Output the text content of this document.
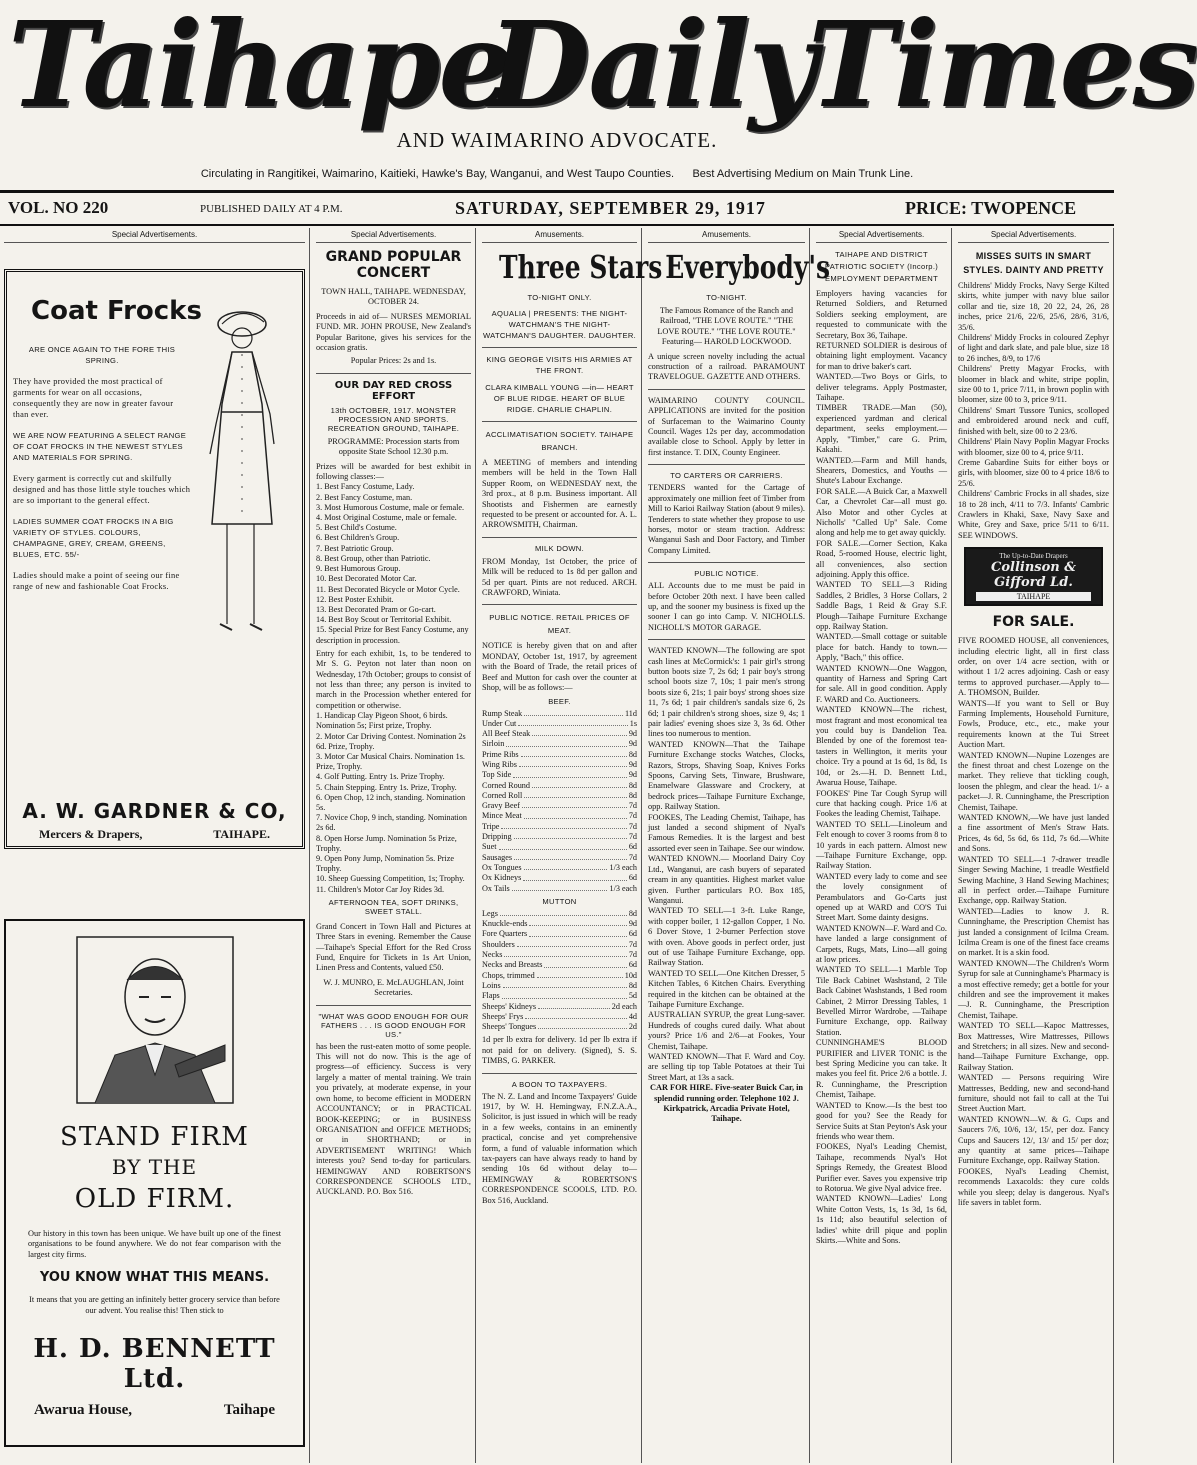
Taihape
Daily
Times
AND WAIMARINO ADVOCATE.
Circulating in Rangitikei, Waimarino, Kaitieki, Hawke's Bay, Wanganui, and West Taupo Counties. Best Advertising Medium on Main Trunk Line.
VOL. NO 220	PUBLISHED DAILY AT 4 P.M.	SATURDAY, SEPTEMBER 29, 1917	PRICE: TWOPENCE
Special Advertisements.
Coat Frocks
ARE ONCE AGAIN TO THE FORE THIS SPRING.
They have provided the most practical of garments for wear on all occasions, consequently they are now in greater favour than ever.
WE ARE NOW FEATURING A SELECT RANGE OF COAT FROCKS IN THE NEWEST STYLES AND MATERIALS FOR SPRING.
Every garment is correctly cut and skilfully designed and has those little style touches which are so important to the general effect.
LADIES SUMMER COAT FROCKS IN A BIG VARIETY OF STYLES. COLOURS, CHAMPAGNE, GREY, CREAM, GREENS, BLUES, ETC. 55/-
Ladies should make a point of seeing our fine range of new and fashionable Coat Frocks.
A. W. GARDNER & CO,
Mercers & Drapers,	TAIHAPE.
STAND FIRM
BY THE
OLD FIRM.
Our history in this town has been unique. We have built up one of the finest organisations to be found anywhere. We do not fear comparison with the largest city firms.
YOU KNOW WHAT THIS MEANS.
It means that you are getting an infinitely better grocery service than before our advent. You realise this! Then stick to
H. D. BENNETT Ltd.
Awarua House,	Taihape
Special Advertisements.
GRAND POPULAR CONCERT
TOWN HALL, TAIHAPE. WEDNESDAY, OCTOBER 24.
Proceeds in aid of— NURSES MEMORIAL FUND. MR. JOHN PROUSE, New Zealand's Popular Baritone, gives his services for the occasion gratis.
Popular Prices: 2s and 1s.
OUR DAY RED CROSS EFFORT
13th OCTOBER, 1917. MONSTER PROCESSION AND SPORTS. RECREATION GROUND, TAIHAPE.
PROGRAMME: Procession starts from opposite State School 12.30 p.m.
Prizes will be awarded for best exhibit in following classes:—
1. Best Fancy Costume, Lady.
2. Best Fancy Costume, man.
3. Most Humorous Costume, male or female.
4. Most Original Costume, male or female.
5. Best Child's Costume.
6. Best Children's Group.
7. Best Patriotic Group.
8. Best Group, other than Patriotic.
9. Best Humorous Group.
10. Best Decorated Motor Car.
11. Best Decorated Bicycle or Motor Cycle.
12. Best Poster Exhibit.
13. Best Decorated Pram or Go-cart.
14. Best Boy Scout or Territorial Exhibit.
15. Special Prize for Best Fancy Costume, any description in procession.
Entry for each exhibit, 1s, to be tendered to Mr S. G. Peyton not later than noon on Wednesday, 17th October; groups to consist of not less than three; any person is invited to march in the Procession whether entered for competition or otherwise.
1. Handicap Clay Pigeon Shoot, 6 birds. Nomination 5s; First prize, Trophy.
2. Motor Car Driving Contest. Nomination 2s 6d. Prize, Trophy.
3. Motor Car Musical Chairs. Nomination 1s. Prize, Trophy.
4. Golf Putting. Entry 1s. Prize Trophy.
5. Chain Stepping. Entry 1s. Prize, Trophy.
6. Open Chop, 12 inch, standing. Nomination 5s.
7. Novice Chop, 9 inch, standing. Nomination 2s 6d.
8. Open Horse Jump. Nomination 5s Prize, Trophy.
9. Open Pony Jump, Nomination 5s. Prize Trophy.
10. Sheep Guessing Competition, 1s; Trophy.
11. Children's Motor Car Joy Rides 3d.
AFTERNOON TEA, SOFT DRINKS, SWEET STALL.
Grand Concert in Town Hall and Pictures at Three Stars in evening. Remember the Cause—Taihape's Special Effort for the Red Cross Fund, Enquire for Tickets in 1s Art Union, Linen Press and Contents, valued £50.
W. J. MUNRO, E. McLAUGHLAN, Joint Secretaries.
"WHAT WAS GOOD ENOUGH FOR OUR FATHERS . . . IS GOOD ENOUGH FOR US."
has been the rust-eaten motto of some people. This will not do now. This is the age of progress—of efficiency. Success is very largely a matter of mental training. We train you privately, at moderate expense, in your own home, to become efficient in MODERN ACCOUNTANCY; or in PRACTICAL BOOK-KEEPING; or in BUSINESS ORGANISATION and OFFICE METHODS; or in SHORTHAND; or in ADVERTISEMENT WRITING! Which interests you? Send to-day for particulars. HEMINGWAY AND ROBERTSON'S CORRESPONDENCE SCHOOLS LTD., AUCKLAND. P.O. Box 516.
Amusements.
Three Stars
TO-NIGHT ONLY.
AQUALIA | PRESENTS: THE NIGHT-WATCHMAN'S THE NIGHT-WATCHMAN'S DAUGHTER. DAUGHTER.
KING GEORGE VISITS HIS ARMIES AT THE FRONT.
CLARA KIMBALL YOUNG —in— HEART OF BLUE RIDGE. HEART OF BLUE RIDGE. CHARLIE CHAPLIN.
ACCLIMATISATION SOCIETY. TAIHAPE BRANCH.
A MEETING of members and intending members will be held in the Town Hall Supper Room, on WEDNESDAY next, the 3rd prox., at 8 p.m. Business important. All Shootists and Fishermen are earnestly requested to be present or accounted for. A. L. ARROWSMITH, Chairman.
MILK DOWN.
FROM Monday, 1st October, the price of Milk will be reduced to 1s 8d per gallon and 5d per quart. Pints are not reduced. ARCH. CRAWFORD, Winiata.
PUBLIC NOTICE. RETAIL PRICES OF MEAT.
NOTICE is hereby given that on and after MONDAY, October 1st, 1917, by agreement with the Board of Trade, the retail prices of Beef and Mutton for cash over the counter at Shop, will be as follows:—
BEEF.
Rump Steak	11d
Under Cut	1s
All Beef Steak	9d
Sirloin	9d
Prime Ribs	8d
Wing Ribs	9d
Top Side	9d
Corned Round	8d
Corned Roll	8d
Gravy Beef	7d
Mince Meat	7d
Tripe	7d
Dripping	7d
Suet	6d
Sausages	7d
Ox Tongues	1/3 each
Ox Kidneys	6d
Ox Tails	1/3 each
MUTTON
Legs	8d
Knuckle-ends	9d
Fore Quarters	6d
Shoulders	7d
Necks	7d
Necks and Breasts	6d
Chops, trimmed	10d
Loins	8d
Flaps	5d
Sheeps' Kidneys	2d each
Sheeps' Frys	4d
Sheeps' Tongues	2d
1d per lb extra for delivery. 1d per lb extra if not paid for on delivery. (Signed), S. S. TIMBS, G. PARKER.
A BOON TO TAXPAYERS.
The N. Z. Land and Income Taxpayers' Guide 1917, by W. H. Hemingway, F.N.Z.A.A., Solicitor, is just issued in which will be ready in a few weeks, contains in an eminently practical, concise and yet comprehensive form, a fund of valuable information which tax-payers can have always ready to hand by sending 10s 6d without delay to— HEMINGWAY & ROBERTSON'S CORRESPONDENCE SCOOLS, LTD. P.O. Box 516, Auckland.
Amusements.
Everybody's
TO-NIGHT.
The Famous Romance of the Ranch and Railroad, "THE LOVE ROUTE." "THE LOVE ROUTE." "THE LOVE ROUTE." Featuring— HAROLD LOCKWOOD.
A unique screen novelty including the actual construction of a railroad. PARAMOUNT TRAVELOGUE. GAZETTE AND OTHERS.
WAIMARINO COUNTY COUNCIL. APPLICATIONS are invited for the position of Surfaceman to the Waimarino County Council. Wages 12s per day, accommodation available close to School. Apply by letter in first instance. T. DIX, County Engineer.
TO CARTERS OR CARRIERS.
TENDERS wanted for the Cartage of approximately one million feet of Timber from Mill to Karioi Railway Station (about 9 miles). Tenderers to state whether they propose to use horses, motor or steam traction. Address: Wanganui Sash and Door Factory, and Timber Company Limited.
PUBLIC NOTICE.
ALL Accounts due to me must be paid in before October 20th next. I have been called up, and the sooner my business is fixed up the sooner I can go into Camp. V. NICHOLLS. NICHOLL'S MOTOR GARAGE.
WANTED KNOWN—The following are spot cash lines at McCormick's: 1 pair girl's strong button boots size 7, 2s 6d; 1 pair boy's strong school boots size 7, 10s; 1 pair men's strong boots size 6, 21s; 1 pair boys' strong shoes size 11, 7s 6d; 1 pair children's sandals size 6, 2s 6d; 1 pair children's strong shoes, size 9, 4s; 1 pair ladies' evening shoes size 3, 3s 6d. Other lines too numerous to mention.
WANTED KNOWN—That the Taihape Furniture Exchange stocks Watches, Clocks, Razors, Strops, Shaving Soap, Knives Forks Spoons, Carving Sets, Tinware, Brushware, Enamelware Glassware and Crockery, at bedrock prices—Taihape Furniture Exchange, opp. Railway Station.
FOOKES, The Leading Chemist, Taihape, has just landed a second shipment of Nyal's Famous Remedies. It is the largest and best assorted ever seen in Taihape. See our window.
WANTED KNOWN.— Moorland Dairy Coy Ltd., Wanganui, are cash buyers of separated cream in any quantities. Highest market value given. Further particulars P.O. Box 185, Wanganui.
WANTED TO SELL—1 3-ft. Luke Range, with copper boiler, 1 12-gallon Copper, 1 No. 6 Dover Stove, 1 2-burner Perfection stove with oven. Above goods in perfect order, just out of use Taihape Furniture Exchange, opp. Railway Station.
WANTED TO SELL—One Kitchen Dresser, 5 Kitchen Tables, 6 Kitchen Chairs. Everything required in the kitchen can be obtained at the Taihape Furniture Exchange.
AUSTRALIAN SYRUP, the great Lung-saver. Hundreds of coughs cured daily. What about yours? Price 1/6 and 2/6—at Fookes, Your Chemist, Taihape.
WANTED KNOWN—That F. Ward and Coy. are selling tip top Table Potatoes at their Tui Street Mart, at 13s a sack.
CAR FOR HIRE. Five-seater Buick Car, in splendid running order. Telephone 102 J. Kirkpatrick, Arcadia Private Hotel, Taihape.
Special Advertisements.
TAIHAPE AND DISTRICT PATRIOTIC SOCIETY (Incorp.) EMPLOYMENT DEPARTMENT
Employers having vacancies for Returned Soldiers, and Returned Soldiers seeking employment, are requested to communicate with the Secretary, Box 36, Taihape.
RETURNED SOLDIER is desirous of obtaining light employment. Vacancy for man to drive baker's cart.
WANTED.—Two Boys or Girls, to deliver telegrams. Apply Postmaster, Taihape.
TIMBER TRADE.—Man (50), experienced yardman and clerical department, seeks employment.—Apply, "Timber," care G. Prim, Kakahi.
WANTED.—Farm and Mill hands, Shearers, Domestics, and Youths —Shute's Labour Exchange.
FOR SALE.—A Buick Car, a Maxwell Car, a Chevrolet Car—all must go. Also Motor and other Cycles at Nicholls' "Called Up" Sale. Come along and help me to get away quickly.
FOR SALE.—Corner Section, Kaka Road, 5-roomed House, electric light, all conveniences, also section adjoining. Apply this office.
WANTED TO SELL—3 Riding Saddles, 2 Bridles, 3 Horse Collars, 2 Saddle Bags, 1 Reid & Gray S.F. Plough—Taihape Furniture Exchange opp. Railway Station.
WANTED.—Small cottage or suitable place for batch. Handy to town.—Apply, "Bach," this office.
WANTED KNOWN—One Waggon, quantity of Harness and Spring Cart for sale. All in good condition. Apply F. WARD and Co. Auctioneers.
WANTED KNOWN—The richest, most fragrant and most economical tea you could buy is Dandelion Tea. Blended by one of the foremost tea-tasters in Wellington, it merits your choice. Try a pound at 1s 6d, 1s 8d, 1s 10d, or 2s.—H. D. Bennett Ltd., Awarua House, Taihape.
FOOKES' Pine Tar Cough Syrup will cure that hacking cough. Price 1/6 at Fookes the leading Chemist, Taihape.
WANTED TO SELL—Linoleum and Felt enough to cover 3 rooms from 8 to 10 yards in each pattern. Almost new—Taihape Furniture Exchange, opp. Railway Station.
WANTED every lady to come and see the lovely consignment of Perambulators and Go-Carts just opened up at WARD and CO'S Tui Street Mart. Some dainty designs.
WANTED KNOWN—F. Ward and Co. have landed a large consignment of Carpets, Rugs, Mats, Lino—all going at low prices.
WANTED TO SELL—1 Marble Top Tile Back Cabinet Washstand, 2 Tile Back Cabinet Washstands, 1 Bed room Cabinet, 2 Mirror Dressing Tables, 1 Bevelled Mirror Wardrobe, —Taihape Furniture Exchange, opp. Railway Station.
CUNNINGHAME'S BLOOD PURIFIER and LIVER TONIC is the best Spring Medicine you can take. It makes you feel fit. Price 2/6 a bottle. J. R. Cunninghame, the Prescription Chemist, Taihape.
WANTED to Know.—Is the best too good for you? See the Ready for Service Suits at Stan Peyton's Ask your friends who wear them.
FOOKES, Nyal's Leading Chemist, Taihape, recommends Nyal's Hot Springs Remedy, the Greatest Blood Purifier ever. Saves you expensive trip to Rotorua. We give Nyal advice free.
WANTED KNOWN—Ladies' Long White Cotton Vests, 1s, 1s 3d, 1s 6d, 1s 11d; also beautiful selection of ladies' white drill pique and poplin Skirts.—White and Sons.
Special Advertisements.
MISSES SUITS IN SMART STYLES. DAINTY AND PRETTY
Childrens' Middy Frocks, Navy Serge Kilted skirts, white jumper with navy blue sailor collar and tie, size 18, 20 22, 24, 26, 28 inches, price 21/6, 22/6, 25/6, 28/6, 31/6, 35/6.
Childrens' Middy Frocks in coloured Zephyr of light and dark slate, and pale blue, size 18 to 26 inches, 8/9, to 17/6
Childrens' Pretty Magyar Frocks, with bloomer in black and white, stripe poplin, size 00 to 1, price 7/11, in brown poplin with bloomer, size 00 to 3, price 9/11.
Childrens' Smart Tussore Tunics, scolloped and embroidered around neck and cuff, finished with belt, size 00 to 2 23/6.
Childrens' Plain Navy Poplin Magyar Frocks with bloomer, size 00 to 4, price 9/11.
Creme Gabardine Suits for either boys or girls, with bloomer, size 00 to 4 price 18/6 to 25/6.
Childrens' Cambric Frocks in all shades, size 18 to 28 inch, 4/11 to 7/3. Infants' Cambric Crawlers in Khaki, Saxe, Navy Saxe and White, Grey and Saxe, price 5/11 to 6/11. SEE WINDOWS.
The Up-to-Date Drapers
Collinson & Gifford Ld.
TAIHAPE
FOR SALE.
FIVE ROOMED HOUSE, all conveniences, including electric light, all in first class order, on over 1/4 acre section, with or without 1 1/2 acres adjoining. Cash or easy terms to approved purchaser.—Apply to— A. THOMSON, Builder.
WANTS—If you want to Sell or Buy Farming Implements, Household Furniture, Fowls, Produce, etc., etc., make your requirements known at the Tui Street Auction Mart.
WANTED KNOWN—Nupine Lozenges are the finest throat and chest Lozenge on the market. They relieve that tickling cough, loosen the phlegm, and clear the head. 1/- a packet—J. R. Cunninghame, the Prescription Chemist, Taihape.
WANTED KNOWN,—We have just landed a fine assortment of Men's Straw Hats. Prices, 4s 6d, 5s 6d, 6s 11d, 7s 6d.—White and Sons.
WANTED TO SELL—1 7-drawer treadle Singer Sewing Machine, 1 treadle Westfield Sewing Machine, 3 Hand Sewing Machines; all in perfect order.—Taihape Furniture Exchange, opp. Railway Station.
WANTED—Ladies to know J. R. Cunninghame, the Prescription Chemist has just landed a consignment of Icilma Cream. Icilma Cream is one of the finest face creams on market. It is a skin food.
WANTED KNOWN—The Children's Worm Syrup for sale at Cunninghame's Pharmacy is a most effective remedy; get a bottle for your children and see the improvement it makes —J. R. Cunninghame, the Prescription Chemist, Taihape.
WANTED TO SELL—Kapoc Mattresses, Box Mattresses, Wire Mattresses, Pillows and Stretchers; in all sizes. New and second-hand—Taihape Furniture Exchange, opp. Railway Station.
WANTED — Persons requiring Wire Mattresses, Bedding, new and second-hand furniture, should not fail to call at the Tui Street Auction Mart.
WANTED KNOWN—W. & G. Cups and Saucers 7/6, 10/6, 13/, 15/, per doz. Fancy Cups and Saucers 12/, 13/ and 15/ per doz; any quantity at same prices—Taihape Furniture Exchange, opp. Railway Station.
FOOKES, Nyal's Leading Chemist, recommends Laxacolds: they cure colds while you sleep; delay is dangerous. Nyal's life savers in tablet form.
